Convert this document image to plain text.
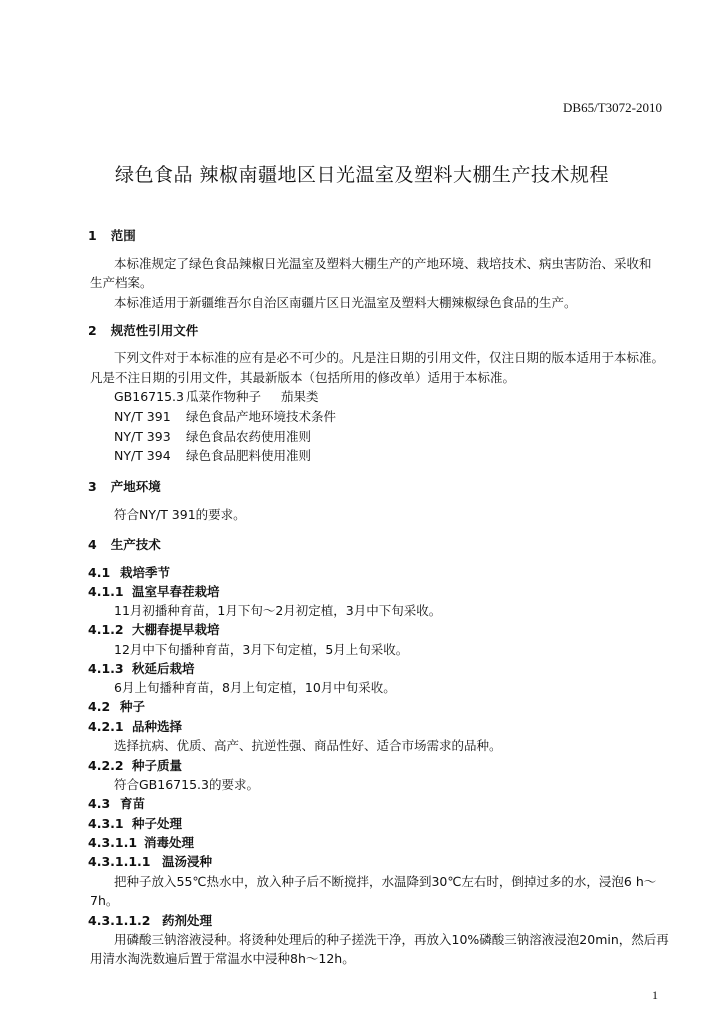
DB65/T3072-2010
绿色食品 辣椒南疆地区日光温室及塑料大棚生产技术规程
1 范围
本标准规定了绿色食品辣椒日光温室及塑料大棚生产的产地环境、栽培技术、病虫害防治、采收和
生产档案。
本标准适用于新疆维吾尔自治区南疆片区日光温室及塑料大棚辣椒绿色食品的生产。
2 规范性引用文件
下列文件对于本标准的应有是必不可少的。凡是注日期的引用文件，仅注日期的版本适用于本标准。
凡是不注日期的引用文件，其最新版本（包括所用的修改单）适用于本标准。
GB16715.3 瓜菜作物种子 茄果类
NY/T 391 绿色食品产地环境技术条件
NY/T 393 绿色食品农药使用准则
NY/T 394 绿色食品肥料使用准则
3 产地环境
符合NY/T 391的要求。
4 生产技术
4.1 栽培季节
4.1.1 温室早春茬栽培
11月初播种育苗，1月下旬～2月初定植，3月中下旬采收。
4.1.2 大棚春提早栽培
12月中下旬播种育苗，3月下旬定植，5月上旬采收。
4.1.3 秋延后栽培
6月上旬播种育苗，8月上旬定植，10月中旬采收。
4.2 种子
4.2.1 品种选择
选择抗病、优质、高产、抗逆性强、商品性好、适合市场需求的品种。
4.2.2 种子质量
符合GB16715.3的要求。
4.3 育苗
4.3.1 种子处理
4.3.1.1 消毒处理
4.3.1.1.1 温汤浸种
把种子放入55℃热水中，放入种子后不断搅拌，水温降到30℃左右时，倒掉过多的水，浸泡6 h～
7h。
4.3.1.1.2 药剂处理
用磷酸三钠溶液浸种。将烫种处理后的种子搓洗干净，再放入10%磷酸三钠溶液浸泡20min，然后再
用清水淘洗数遍后置于常温水中浸种8h～12h。
1
